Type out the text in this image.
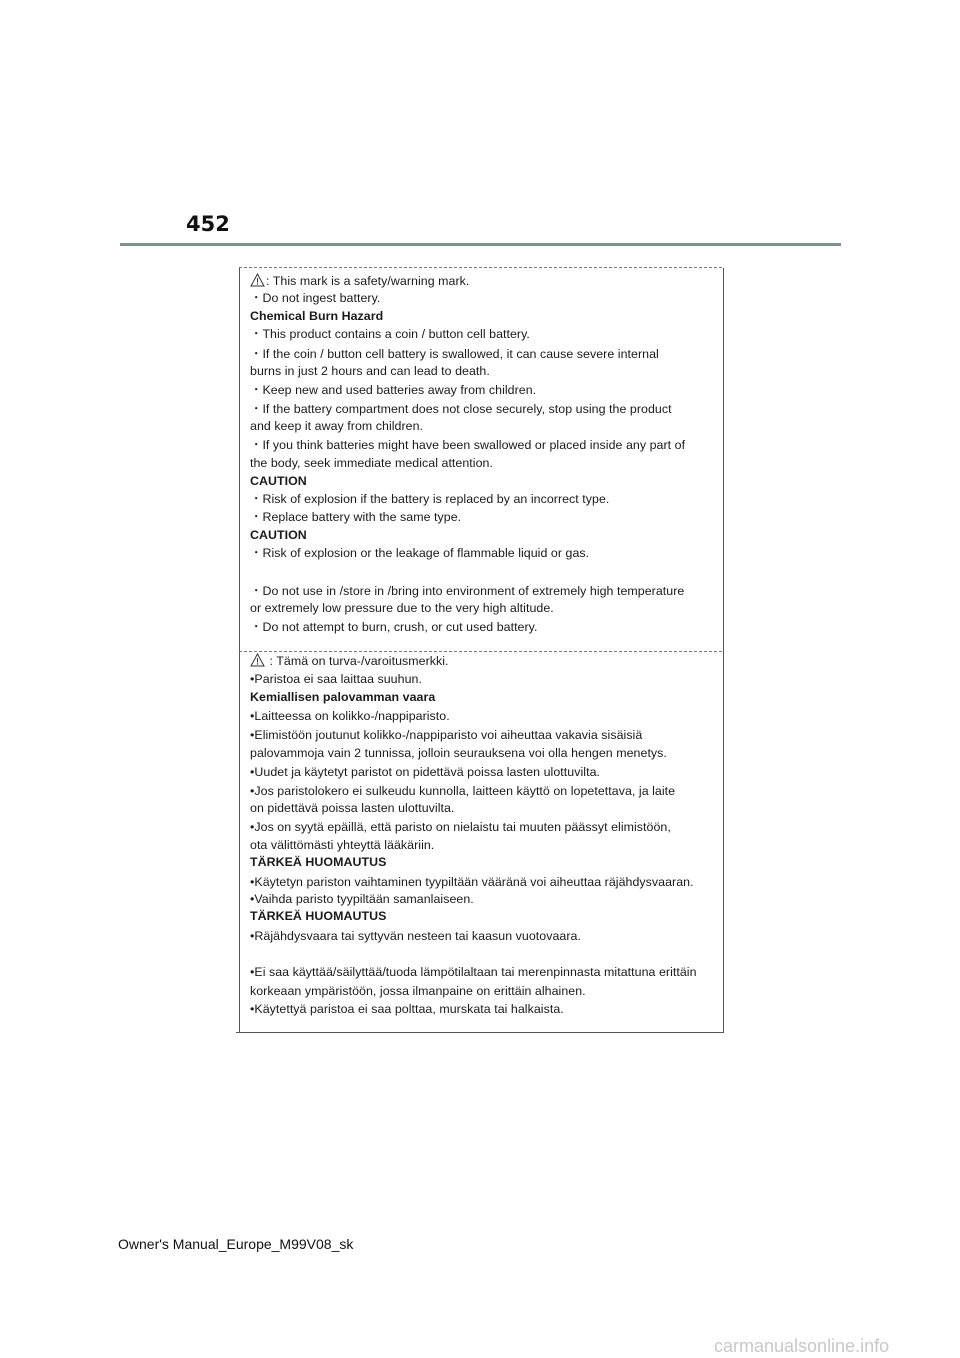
452
: This mark is a safety/warning mark.
・Do not ingest battery.
Chemical Burn Hazard
・This product contains a coin / button cell battery.
・If the coin / button cell battery is swallowed, it can cause severe internal
burns in just 2 hours and can lead to death.
・Keep new and used batteries away from children.
・If the battery compartment does not close securely, stop using the product
and keep it away from children.
・If you think batteries might have been swallowed or placed inside any part of
the body, seek immediate medical attention.
CAUTION
・Risk of explosion if the battery is replaced by an incorrect type.
・Replace battery with the same type.
CAUTION
・Risk of explosion or the leakage of flammable liquid or gas.
・Do not use in /store in /bring into environment of extremely high temperature
or extremely low pressure due to the very high altitude.
・Do not attempt to burn, crush, or cut used battery.
: Tämä on turva-/varoitusmerkki.
•Paristoa ei saa laittaa suuhun.
Kemiallisen palovamman vaara
•Laitteessa on kolikko-/nappiparisto.
•Elimistöön joutunut kolikko-/nappiparisto voi aiheuttaa vakavia sisäisiä
palovammoja vain 2 tunnissa, jolloin seurauksena voi olla hengen menetys.
•Uudet ja käytetyt paristot on pidettävä poissa lasten ulottuvilta.
•Jos paristolokero ei sulkeudu kunnolla, laitteen käyttö on lopetettava, ja laite
on pidettävä poissa lasten ulottuvilta.
•Jos on syytä epäillä, että paristo on nielaistu tai muuten päässyt elimistöön,
ota välittömästi yhteyttä lääkäriin.
TÄRKEÄ HUOMAUTUS
•Käytetyn pariston vaihtaminen tyypiltään vääränä voi aiheuttaa räjähdysvaaran.
•Vaihda paristo tyypiltään samanlaiseen.
TÄRKEÄ HUOMAUTUS
•Räjähdysvaara tai syttyvän nesteen tai kaasun vuotovaara.
•Ei saa käyttää/säilyttää/tuoda lämpötilaltaan tai merenpinnasta mitattuna erittäin
korkeaan ympäristöön, jossa ilmanpaine on erittäin alhainen.
•Käytettyä paristoa ei saa polttaa, murskata tai halkaista.
Owner's Manual_Europe_M99V08_sk
carmanualsonline.info
